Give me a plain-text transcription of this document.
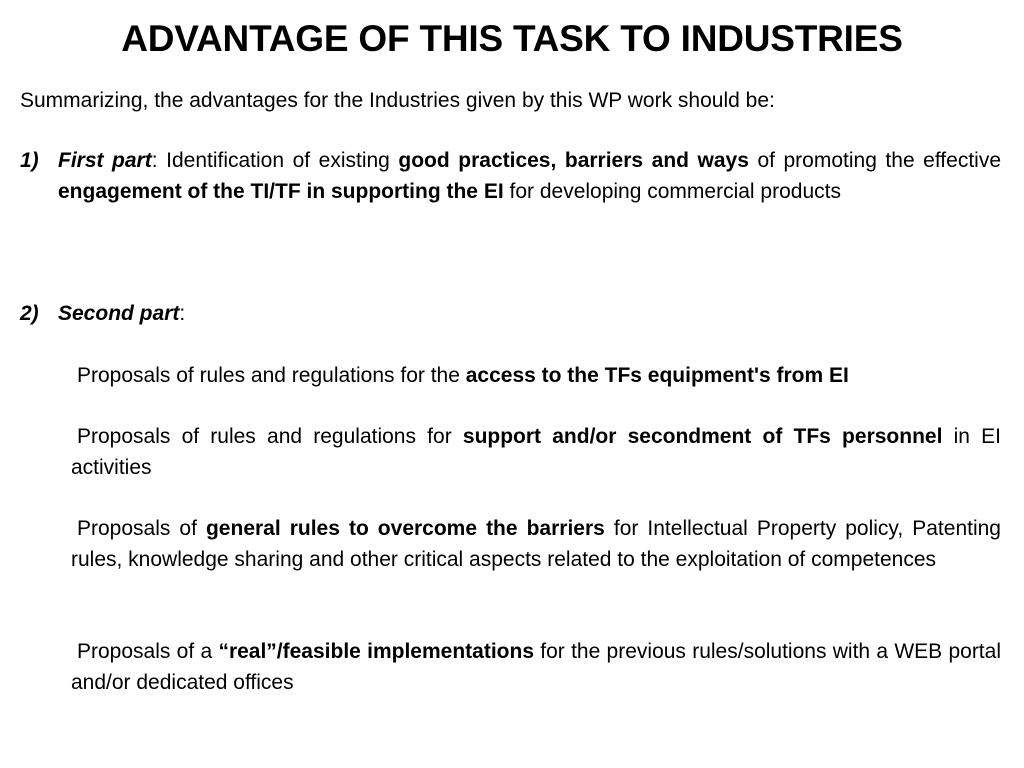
ADVANTAGE OF THIS TASK TO INDUSTRIES
Summarizing, the advantages for the Industries given by this WP work should be:
1) First part: Identification of existing good practices, barriers and ways of promoting the effective engagement of the TI/TF in supporting the EI for developing commercial products
2) Second part:
Proposals of rules and regulations for the access to the TFs equipment's from EI
Proposals of rules and regulations for support and/or secondment of TFs personnel in EI activities
Proposals of general rules to overcome the barriers for Intellectual Property policy, Patenting rules, knowledge sharing and other critical aspects related to the exploitation of competences
Proposals of a “real”/feasible implementations for the previous rules/solutions with a WEB portal and/or dedicated offices
